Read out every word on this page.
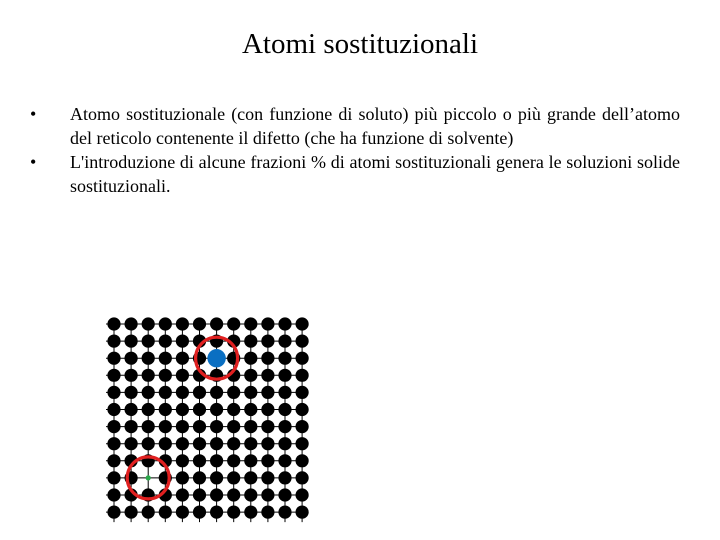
Atomi sostituzionali
• Atomo sostituzionale (con funzione di soluto) più piccolo o più grande dell’atomo del reticolo contenente il difetto (che ha funzione di solvente)
• L'introduzione di alcune frazioni % di atomi sostituzionali genera le soluzioni solide sostituzionali.
